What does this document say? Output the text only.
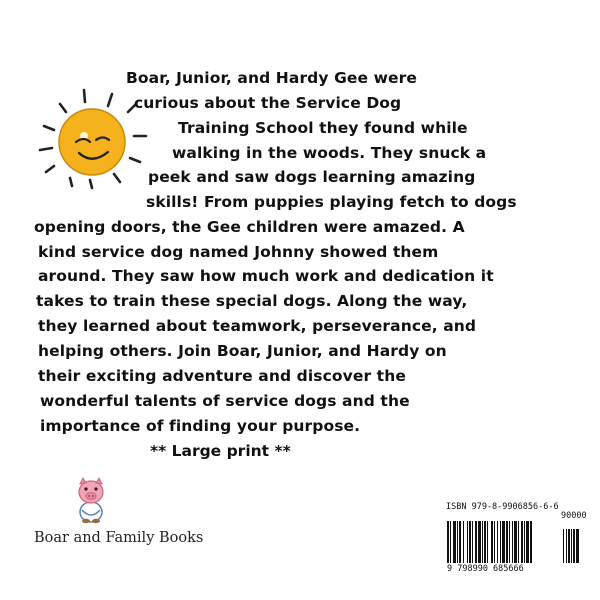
Boar, Junior, and Hardy Gee were
curious about the Service Dog
Training School they found while
walking in the woods. They snuck a
peek and saw dogs learning amazing
skills! From puppies playing fetch to dogs
opening doors, the Gee children were amazed. A
kind service dog named Johnny showed them
around. They saw how much work and dedication it
takes to train these special dogs. Along the way,
they learned about teamwork, perseverance, and
helping others. Join Boar, Junior, and Hardy on
their exciting adventure and discover the
wonderful talents of service dogs and the
importance of finding your purpose.
** Large print **
Boar and Family Books
ISBN 979-8-9906856-6-6
90000
9 798990 685666
